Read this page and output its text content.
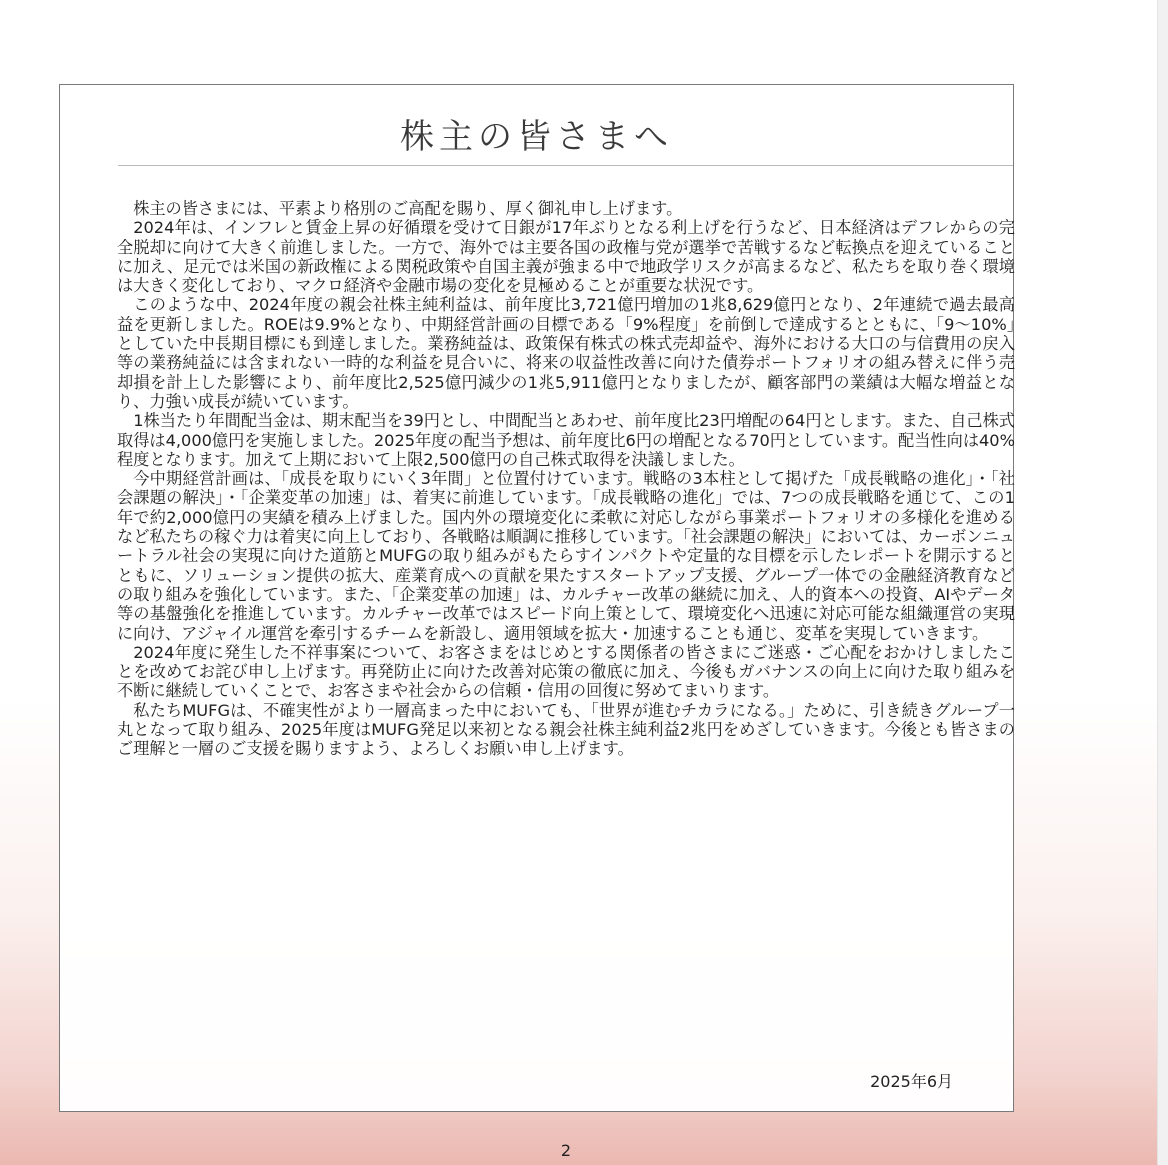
株主の皆さまへ

株主の皆さまには、平素より格別のご高配を賜り、厚く御礼申し上げます。

2024年は、インフレと賃金上昇の好循環を受けて日銀が17年ぶりとなる利上げを行うなど、日本経済はデフレからの完全脱却に向けて大きく前進しました。一方で、海外では主要各国の政権与党が選挙で苦戦するなど転換点を迎えていることに加え、足元では米国の新政権による関税政策や自国主義が強まる中で地政学リスクが高まるなど、私たちを取り巻く環境は大きく変化しており、マクロ経済や金融市場の変化を見極めることが重要な状況です。

このような中、2024年度の親会社株主純利益は、前年度比3,721億円増加の1兆8,629億円となり、2年連続で過去最高益を更新しました。ROEは9.9%となり、中期経営計画の目標である「9%程度」を前倒しで達成するとともに、「9〜10%」としていた中長期目標にも到達しました。業務純益は、政策保有株式の株式売却益や、海外における大口の与信費用の戻入等の業務純益には含まれない一時的な利益を見合いに、将来の収益性改善に向けた債券ポートフォリオの組み替えに伴う売却損を計上した影響により、前年度比2,525億円減少の1兆5,911億円となりましたが、顧客部門の業績は大幅な増益となり、力強い成長が続いています。

1株当たり年間配当金は、期末配当を39円とし、中間配当とあわせ、前年度比23円増配の64円とします。また、自己株式取得は4,000億円を実施しました。2025年度の配当予想は、前年度比6円の増配となる70円としています。配当性向は40%程度となります。加えて上期において上限2,500億円の自己株式取得を決議しました。

今中期経営計画は、「成長を取りにいく3年間」と位置付けています。戦略の3本柱として掲げた「成長戦略の進化」・「社会課題の解決」・「企業変革の加速」は、着実に前進しています。「成長戦略の進化」では、7つの成長戦略を通じて、この1年で約2,000億円の実績を積み上げました。国内外の環境変化に柔軟に対応しながら事業ポートフォリオの多様化を進めるなど私たちの稼ぐ力は着実に向上しており、各戦略は順調に推移しています。「社会課題の解決」においては、カーボンニュートラル社会の実現に向けた道筋とMUFGの取り組みがもたらすインパクトや定量的な目標を示したレポートを開示するとともに、ソリューション提供の拡大、産業育成への貢献を果たすスタートアップ支援、グループ一体での金融経済教育などの取り組みを強化しています。また、「企業変革の加速」は、カルチャー改革の継続に加え、人的資本への投資、AIやデータ等の基盤強化を推進しています。カルチャー改革ではスピード向上策として、環境変化へ迅速に対応可能な組織運営の実現に向け、アジャイル運営を牽引するチームを新設し、適用領域を拡大・加速することも通じ、変革を実現していきます。

2024年度に発生した不祥事案について、お客さまをはじめとする関係者の皆さまにご迷惑・ご心配をおかけしましたことを改めてお詫び申し上げます。再発防止に向けた改善対応策の徹底に加え、今後もガバナンスの向上に向けた取り組みを不断に継続していくことで、お客さまや社会からの信頼・信用の回復に努めてまいります。

私たちMUFGは、不確実性がより一層高まった中においても、「世界が進むチカラになる。」ために、引き続きグループ一丸となって取り組み、2025年度はMUFG発足以来初となる親会社株主純利益2兆円をめざしていきます。今後とも皆さまのご理解と一層のご支援を賜りますよう、よろしくお願い申し上げます。

2025年6月
2
